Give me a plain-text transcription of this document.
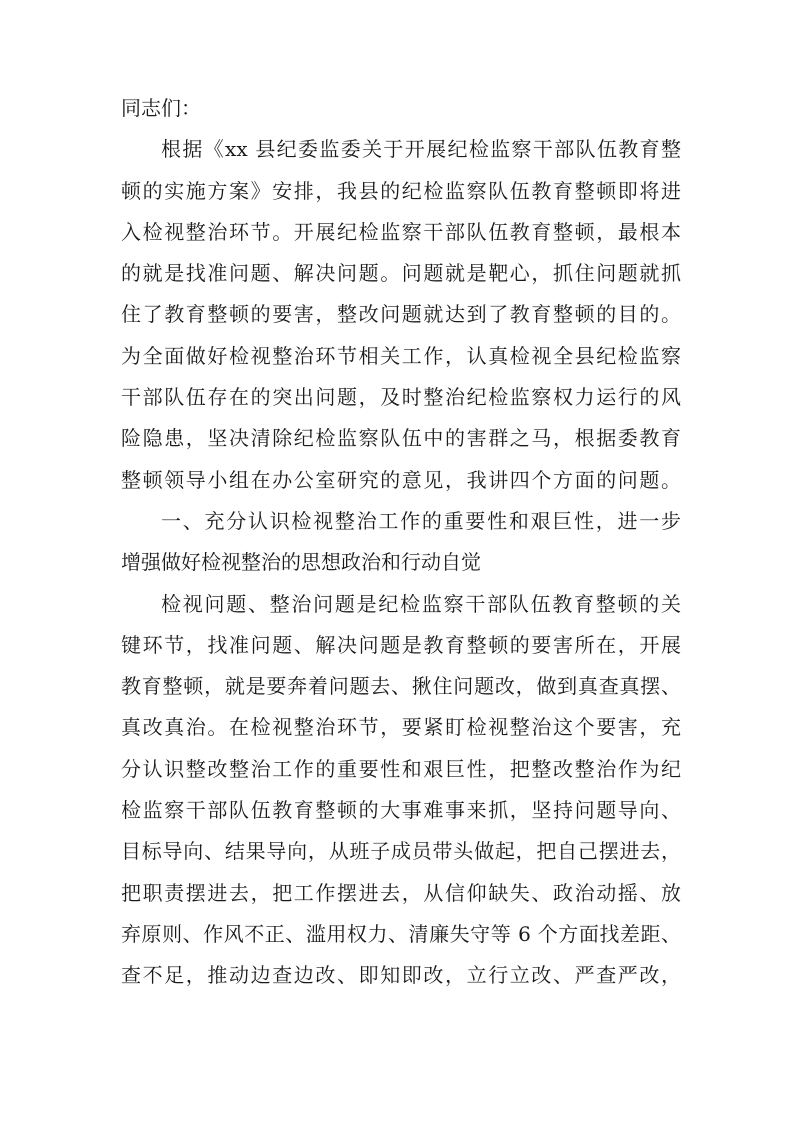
同志们：
根据《xx 县纪委监委关于开展纪检监察干部队伍教育整
顿的实施方案》安排，我县的纪检监察队伍教育整顿即将进
入检视整治环节。开展纪检监察干部队伍教育整顿，最根本
的就是找准问题、解决问题。问题就是靶心，抓住问题就抓
住了教育整顿的要害，整改问题就达到了教育整顿的目的。
为全面做好检视整治环节相关工作，认真检视全县纪检监察
干部队伍存在的突出问题，及时整治纪检监察权力运行的风
险隐患，坚决清除纪检监察队伍中的害群之马，根据委教育
整顿领导小组在办公室研究的意见，我讲四个方面的问题。
一、充分认识检视整治工作的重要性和艰巨性，进一步
增强做好检视整治的思想政治和行动自觉
检视问题、整治问题是纪检监察干部队伍教育整顿的关
键环节，找准问题、解决问题是教育整顿的要害所在，开展
教育整顿，就是要奔着问题去、揪住问题改，做到真查真摆、
真改真治。在检视整治环节，要紧盯检视整治这个要害，充
分认识整改整治工作的重要性和艰巨性，把整改整治作为纪
检监察干部队伍教育整顿的大事难事来抓，坚持问题导向、
目标导向、结果导向，从班子成员带头做起，把自己摆进去，
把职责摆进去，把工作摆进去，从信仰缺失、政治动摇、放
弃原则、作风不正、滥用权力、清廉失守等 6 个方面找差距、
查不足，推动边查边改、即知即改，立行立改、严查严改，
